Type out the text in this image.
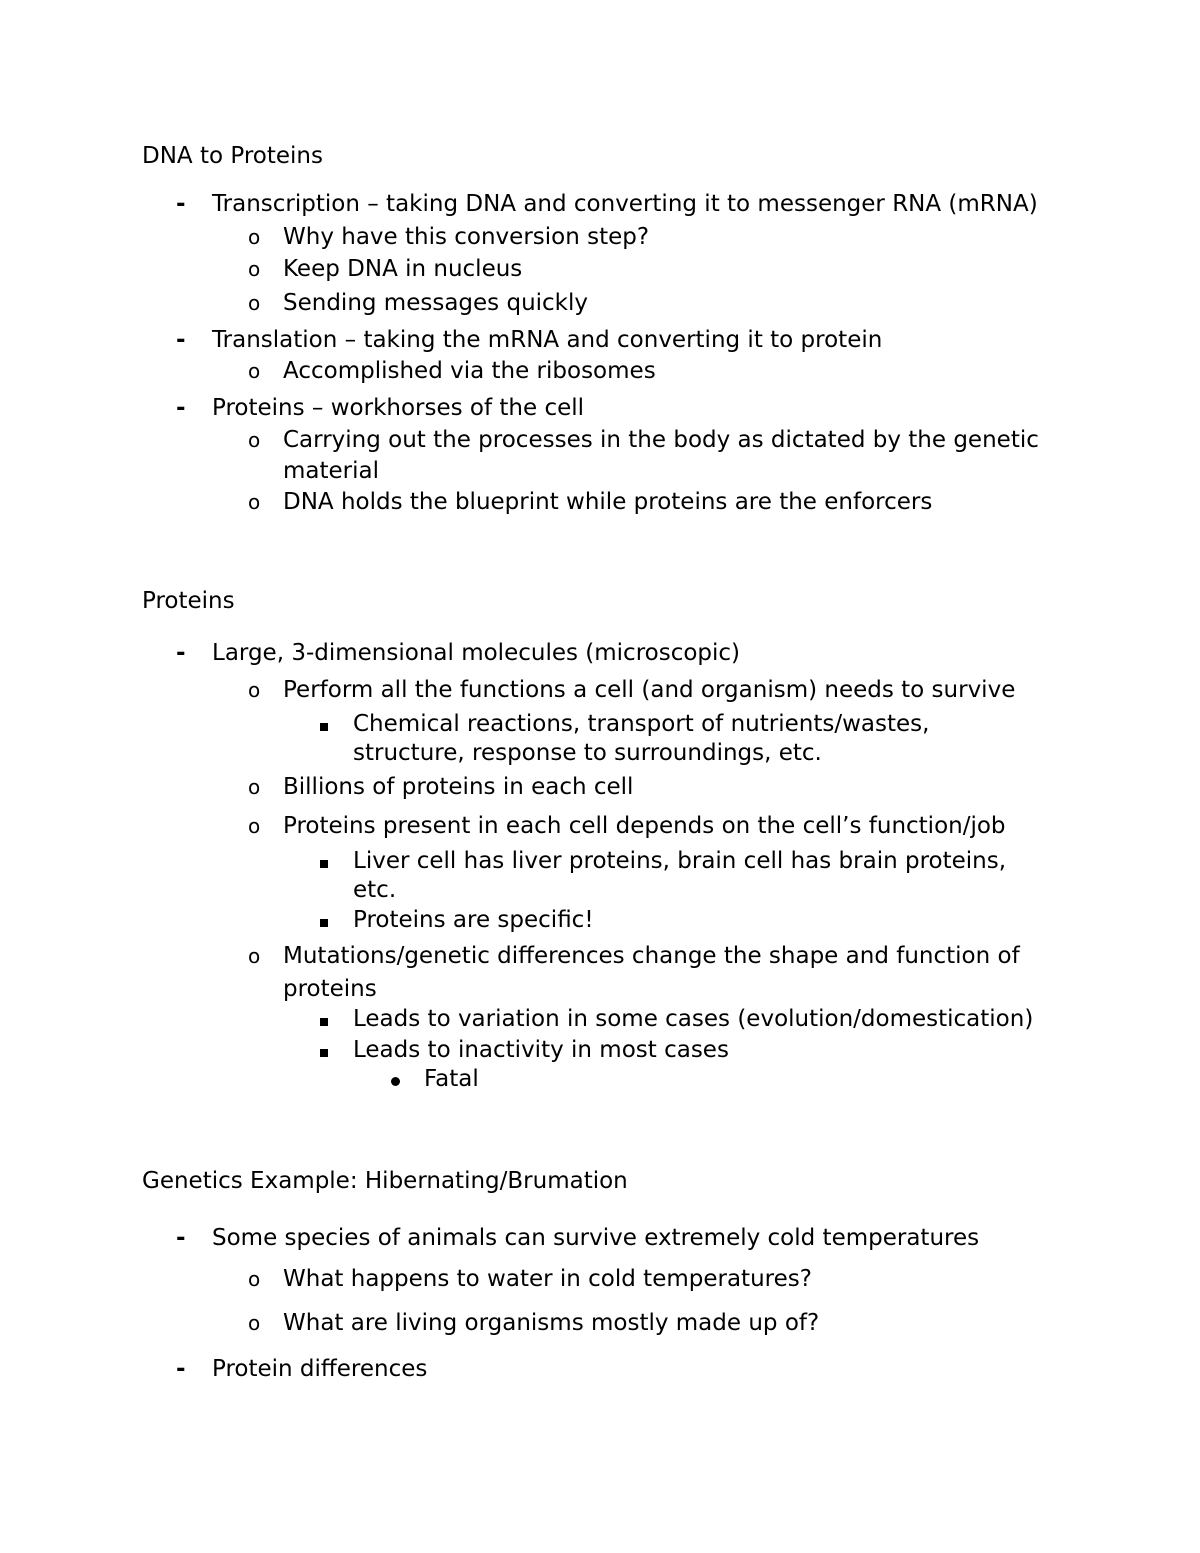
DNA to Proteins
- Transcription – taking DNA and converting it to messenger RNA (mRNA)
o Why have this conversion step?
o Keep DNA in nucleus
o Sending messages quickly
- Translation – taking the mRNA and converting it to protein
o Accomplished via the ribosomes
- Proteins – workhorses of the cell
o Carrying out the processes in the body as dictated by the genetic
material
o DNA holds the blueprint while proteins are the enforcers
Proteins
- Large, 3-dimensional molecules (microscopic)
o Perform all the functions a cell (and organism) needs to survive
Chemical reactions, transport of nutrients/wastes,
structure, response to surroundings, etc.
o Billions of proteins in each cell
o Proteins present in each cell depends on the cell’s function/job
Liver cell has liver proteins, brain cell has brain proteins,
etc.
Proteins are specific!
o Mutations/genetic differences change the shape and function of
proteins
Leads to variation in some cases (evolution/domestication)
Leads to inactivity in most cases
Fatal
Genetics Example: Hibernating/Brumation
- Some species of animals can survive extremely cold temperatures
o What happens to water in cold temperatures?
o What are living organisms mostly made up of?
- Protein differences
